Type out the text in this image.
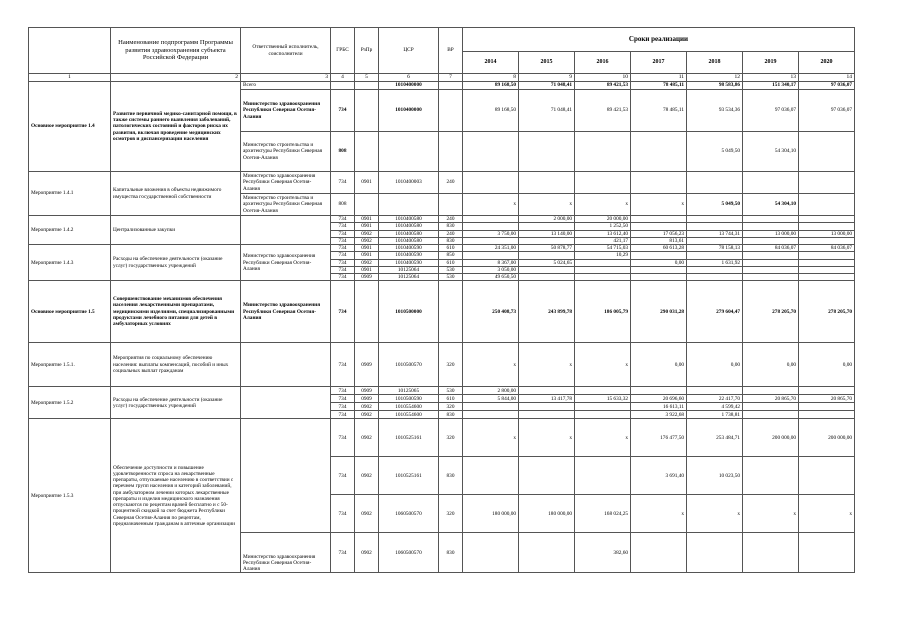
	Наименование подпрограмм Программы развития здравоохранения субъекта Российской Федерации	Ответственный исполнитель, соисполнители	ГРБС	РзПр	ЦСР	ВР	Сроки реализации						
							2014	2015	2016	2017	2018	2019	2020
1	2	3	4	5	6	7	8	9	10	11	12	13	14
Основное мероприятие 1.4	Развитие первичной медико-санитарной помощи, в также системы раннего выявления заболеваний, патологических состояний и факторов риска их развития, включая проведение медицинских осмотров и диспансеризации населения	Всего			1010400000		89 168,50	71 048,41	89 421,53	78 485,11	98 583,86	151 340,17	97 036,07
		Министерство здравоохранения Республики Северная Осетия-Алания	734		1010400000		89 168,50	71 048,41	89 421,53	78 485,11	93 534,36	97 036,07	97 036,07
		Министерство строительства и архитектуры Республики Северная Осетия-Алания	808								5 049,50	54 304,10	

Мероприятие 1.4.1	Капитальные вложения в объекты недвижимого имущества государственной собственности	Министерство здравоохранения Республики Северная Осетия-Алания	734	0901	1010400003	240							
		Министерство строительства и архитектуры Республики Северная Осетия-Алания	808				х	х	х	х	5 049,50	54 304,10	
Мероприятие 1.4.2	Централизованные закупки		734	0901	1010400580	240		2 000,00	20 000,00				
			734	0901	1010400580	830			1 252,50				
			734	0902	1010400580	240	3 750,00	13 140,00	13 612,40	17 056,23	13 744,31	13 000,00	13 000,00
			734	0902	1010400580	830			421,17	813,61			
Мероприятие 1.4.3	Расходы на обеспечение деятельности (оказание услуг) государственных учреждений	Министерство здравоохранения Республики Северная Осетия-Алания	734	0901	1010400590	610	24 351,00	50 878,77	54 715,03	60 613,28	78 158,13	84 036,07	84 036,07
			734	0901	1010400590	850			10,29				
			734	0902	1010400590	610	8 367,00	5 024,65		0,00	1 631,92		
			734	0901	10125064	530	3 050,00						
			734	0909	10125064	530	49 650,50						
Основное мероприятие 1.5	Совершенствование механизмов обеспечения населения лекарственными препаратами, медицинскими изделиями, специализированными продуктами лечебного питания для детей в амбулаторных условиях	Министерство здравоохранения Республики Северная Осетия-Алания	734		1010500000		250 408,73	243 899,78	186 005,79	290 031,28	279 604,47	278 205,70	278 205,70
Мероприятие 1.5.1.	Мероприятия по социальному обеспечению населения: выплаты компенсаций, пособий и иных социальных выплат гражданам		734	0909	1010500570	320	х	х	х	0,00	0,00	0,00	0,00
Мероприятие 1.5.2	Расходы на обеспечение деятельности (оказание услуг) государственных учреждений		734	0909	10125065	530	2 800,00						
			734	0909	1010500590	610	5 844,00	13 417,78	15 633,32	20 696,60	22 417,70	20 865,70	20 865,70
			734	0902	1010554600	320				16 613,11	4 599,42		
			734	0902	1010554600	830				3 922,68	1 738,81		
Мероприятие 1.5.3	Обеспечение доступности и повышение удовлетворенности спроса на лекарственные препараты, отпускаемые населению в соответствии с перечнем групп населения и категорий заболеваний, при амбулаторном лечении которых лекарственные препараты и изделия медицинского назначения отпускаются по рецептам врачей бесплатно и с 50-процентной скидкой за счет бюджета Республики Северная Осетия-Алания по рецептам, предназначенным гражданам в аптечные организации		734	0902	1010525161	320	х	х	х	176 477,50	253 484,71	200 000,00	200 000,00
			734	0902	1010525161	830				3 691,40	10 023,50		
			734	0902	1060500570	320	180 000,00	180 000,00	168 024,25	х	х	х	х
		Министерство здравоохранения Республики Северная Осетия-Алания	734	0902	1060500570	830			382,60				
